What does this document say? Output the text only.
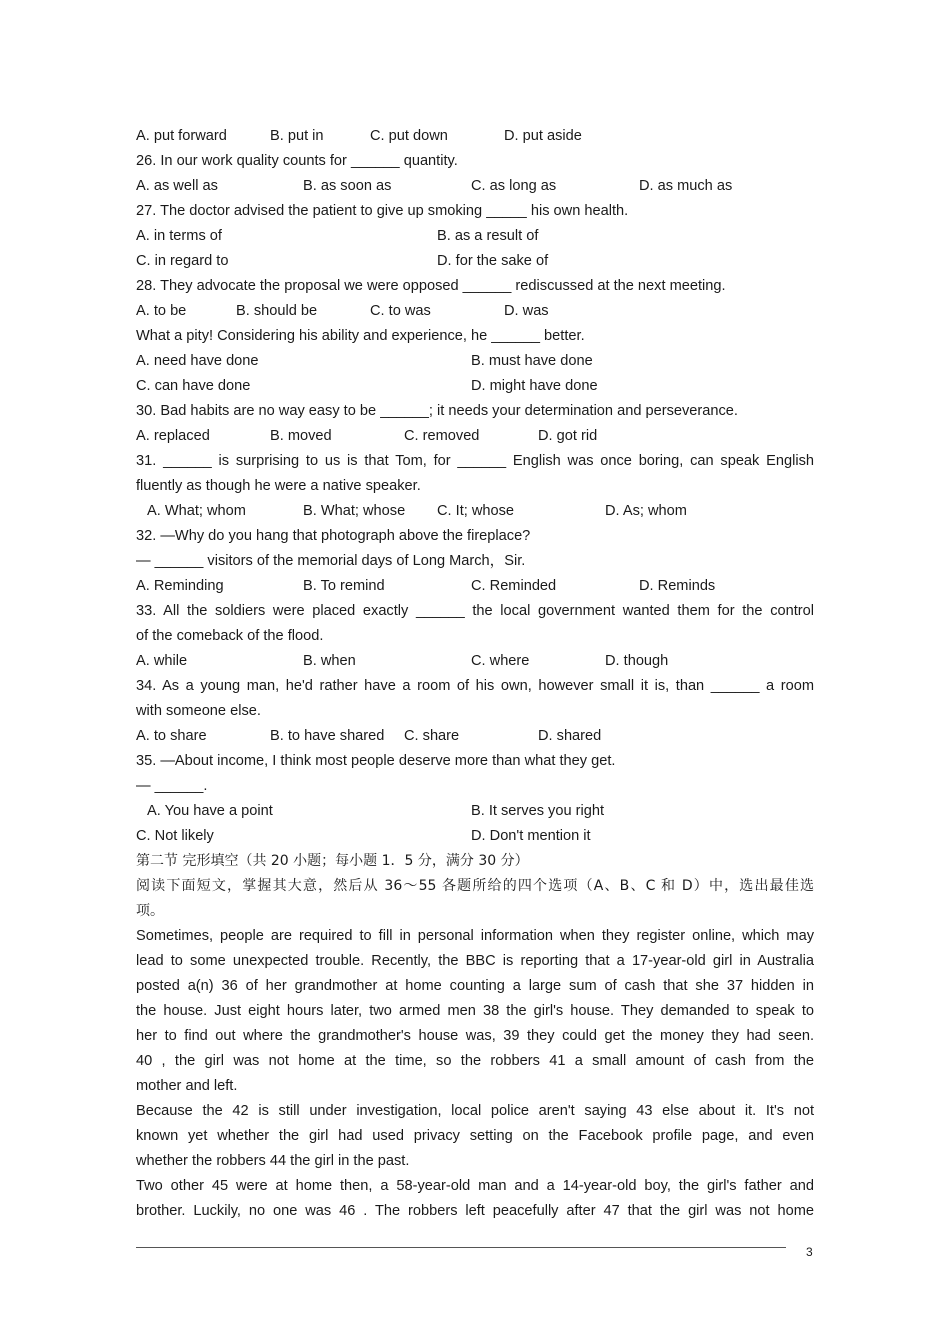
A. put forward	B. put in	C. put down	D. put aside
26. In our work quality counts for ______ quantity.
A. as well as	B. as soon as	C. as long as	D. as much as
27. The doctor advised the patient to give up smoking _____ his own health.
A. in terms of	B. as a result of
C. in regard to	D. for the sake of
28. They advocate the proposal we were opposed ______ rediscussed at the next meeting.
A. to be	B. should be	C. to was	D. was
What a pity! Considering his ability and experience, he ______ better.
A. need have done	B. must have done
C. can have done	D. might have done
30. Bad habits are no way easy to be ______; it needs your determination and perseverance.
A. replaced	B. moved	C. removed	D. got rid
31. ______ is surprising to us is that Tom, for ______ English was once boring, can speak English
fluently as though he were a native speaker.
A. What; whom	B. What; whose C. It; whose	D. As; whom
32. —Why do you hang that photograph above the fireplace?
— ______ visitors of the memorial days of Long March，Sir.
A. Reminding	B. To remind	C. Reminded	D. Reminds
33. All the soldiers were placed exactly ______ the local government wanted them for the control
of the comeback of the flood.
A. while	B. when	C. where	D. though
34. As a young man, he'd rather have a room of his own, however small it is, than ______ a room
with someone else.
A. to share	B. to have shared C. share	D. shared
35. —About income, I think most people deserve more than what they get.
— ______.
A. You have a point	B. It serves you right
C. Not likely	D. Don't mention it
第二节 完形填空（共 20 小题；每小题 1．5 分，满分 30 分）
阅读下面短文，掌握其大意，然后从 36～55 各题所给的四个选项（A、B、C 和 D）中，选出最佳选
项。
Sometimes, people are required to fill in personal information when they register online, which may
lead to some unexpected trouble. Recently, the BBC is reporting that a 17-year-old girl in Australia
posted a(n) 36 of her grandmother at home counting a large sum of cash that she 37 hidden in
the house. Just eight hours later, two armed men 38 the girl's house. They demanded to speak to
her to find out where the grandmother's house was, 39 they could get the money they had seen.
40 , the girl was not home at the time, so the robbers 41 a small amount of cash from the
mother and left.
Because the 42 is still under investigation, local police aren't saying 43 else about it. It's not
known yet whether the girl had used privacy setting on the Facebook profile page, and even
whether the robbers 44 the girl in the past.
Two other 45 were at home then, a 58-year-old man and a 14-year-old boy, the girl's father and
brother. Luckily, no one was 46 . The robbers left peacefully after 47 that the girl was not home
3
